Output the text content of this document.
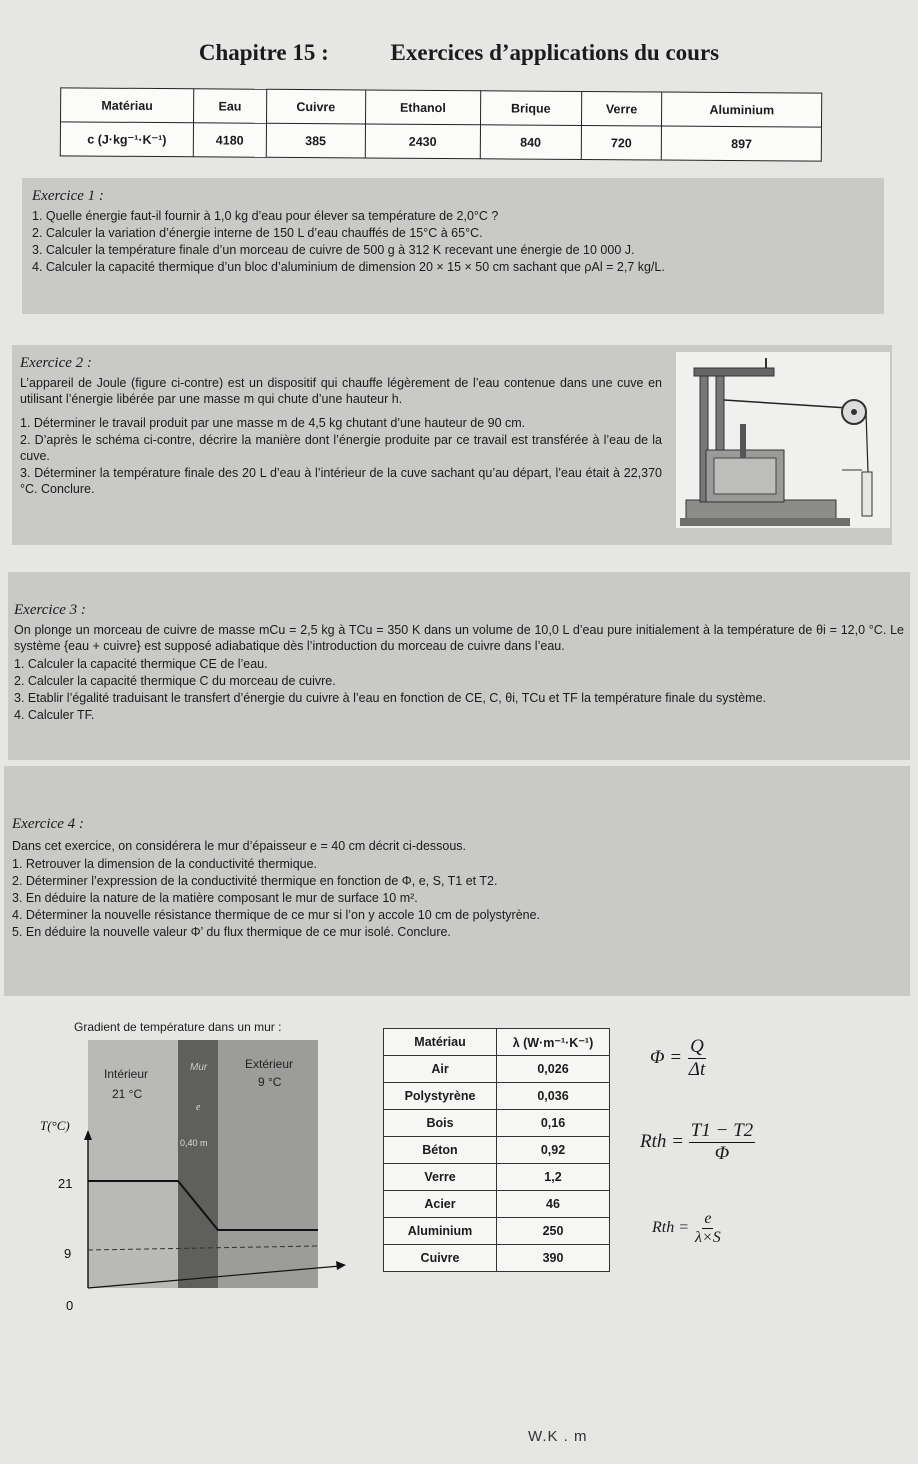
Chapitre 15 :	Exercices d’applications du cours
Matériau	Eau	Cuivre	Ethanol	Brique	Verre	Aluminium
c (J·kg⁻¹·K⁻¹)	4180	385	2430	840	720	897
Exercice 1 :
1. Quelle énergie faut-il fournir à 1,0 kg d’eau pour élever sa température de 2,0°C ?
2. Calculer la variation d’énergie interne de 150 L d’eau chauffés de 15°C à 65°C.
3. Calculer la température finale d’un morceau de cuivre de 500 g à 312 K recevant une énergie de 10 000 J.
4. Calculer la capacité thermique d’un bloc d’aluminium de dimension 20 × 15 × 50 cm sachant que ρAl = 2,7 kg/L.
Exercice 2 :

L’appareil de Joule (figure ci-contre) est un dispositif qui chauffe légèrement de l’eau contenue dans une cuve en utilisant l’énergie libérée par une masse m qui chute d’une hauteur h.

1. Déterminer le travail produit par une masse m de 4,5 kg chutant d’une hauteur de 90 cm.
2. D’après le schéma ci-contre, décrire la manière dont l’énergie produite par ce travail est transférée à l’eau de la cuve.
3. Déterminer la température finale des 20 L d’eau à l’intérieur de la cuve sachant qu’au départ, l’eau était à 22,370 °C. Conclure.
Exercice 3 :

On plonge un morceau de cuivre de masse mCu = 2,5 kg à TCu = 350 K dans un volume de 10,0 L d’eau pure initialement à la température de θi = 12,0 °C. Le système {eau + cuivre} est supposé adiabatique dès l’introduction du morceau de cuivre dans l’eau.

1. Calculer la capacité thermique CE de l’eau.
2. Calculer la capacité thermique C du morceau de cuivre.
3. Etablir l’égalité traduisant le transfert d’énergie du cuivre à l’eau en fonction de CE, C, θi, TCu et TF la température finale du système.
4. Calculer TF.
Exercice 4 :

Dans cet exercice, on considérera le mur d’épaisseur e = 40 cm décrit ci-dessous.

1. Retrouver la dimension de la conductivité thermique.
2. Déterminer l’expression de la conductivité thermique en fonction de Φ, e, S, T1 et T2.
3. En déduire la nature de la matière composant le mur de surface 10 m².
4. Déterminer la nouvelle résistance thermique de ce mur si l’on y accole 10 cm de polystyrène.
5. En déduire la nouvelle valeur Φ’ du flux thermique de ce mur isolé. Conclure.
Gradient de température dans un mur :
Intérieur
21 °C
Mur	Extérieur
9 °C
e
0,40 m
T(°C)
21
9
0
Matériau	λ (W·m⁻¹·K⁻¹)
Air	0,026
Polystyrène	0,036
Bois	0,16
Béton	0,92
Verre	1,2
Acier	46
Aluminium	250
Cuivre	390
$\Phi = \frac{Q}{\Delta t}$
Rth = $\frac{T1 - T2}{\Phi}$
Rth = $\frac{e}{\lambda\times S}$
W.K . m
